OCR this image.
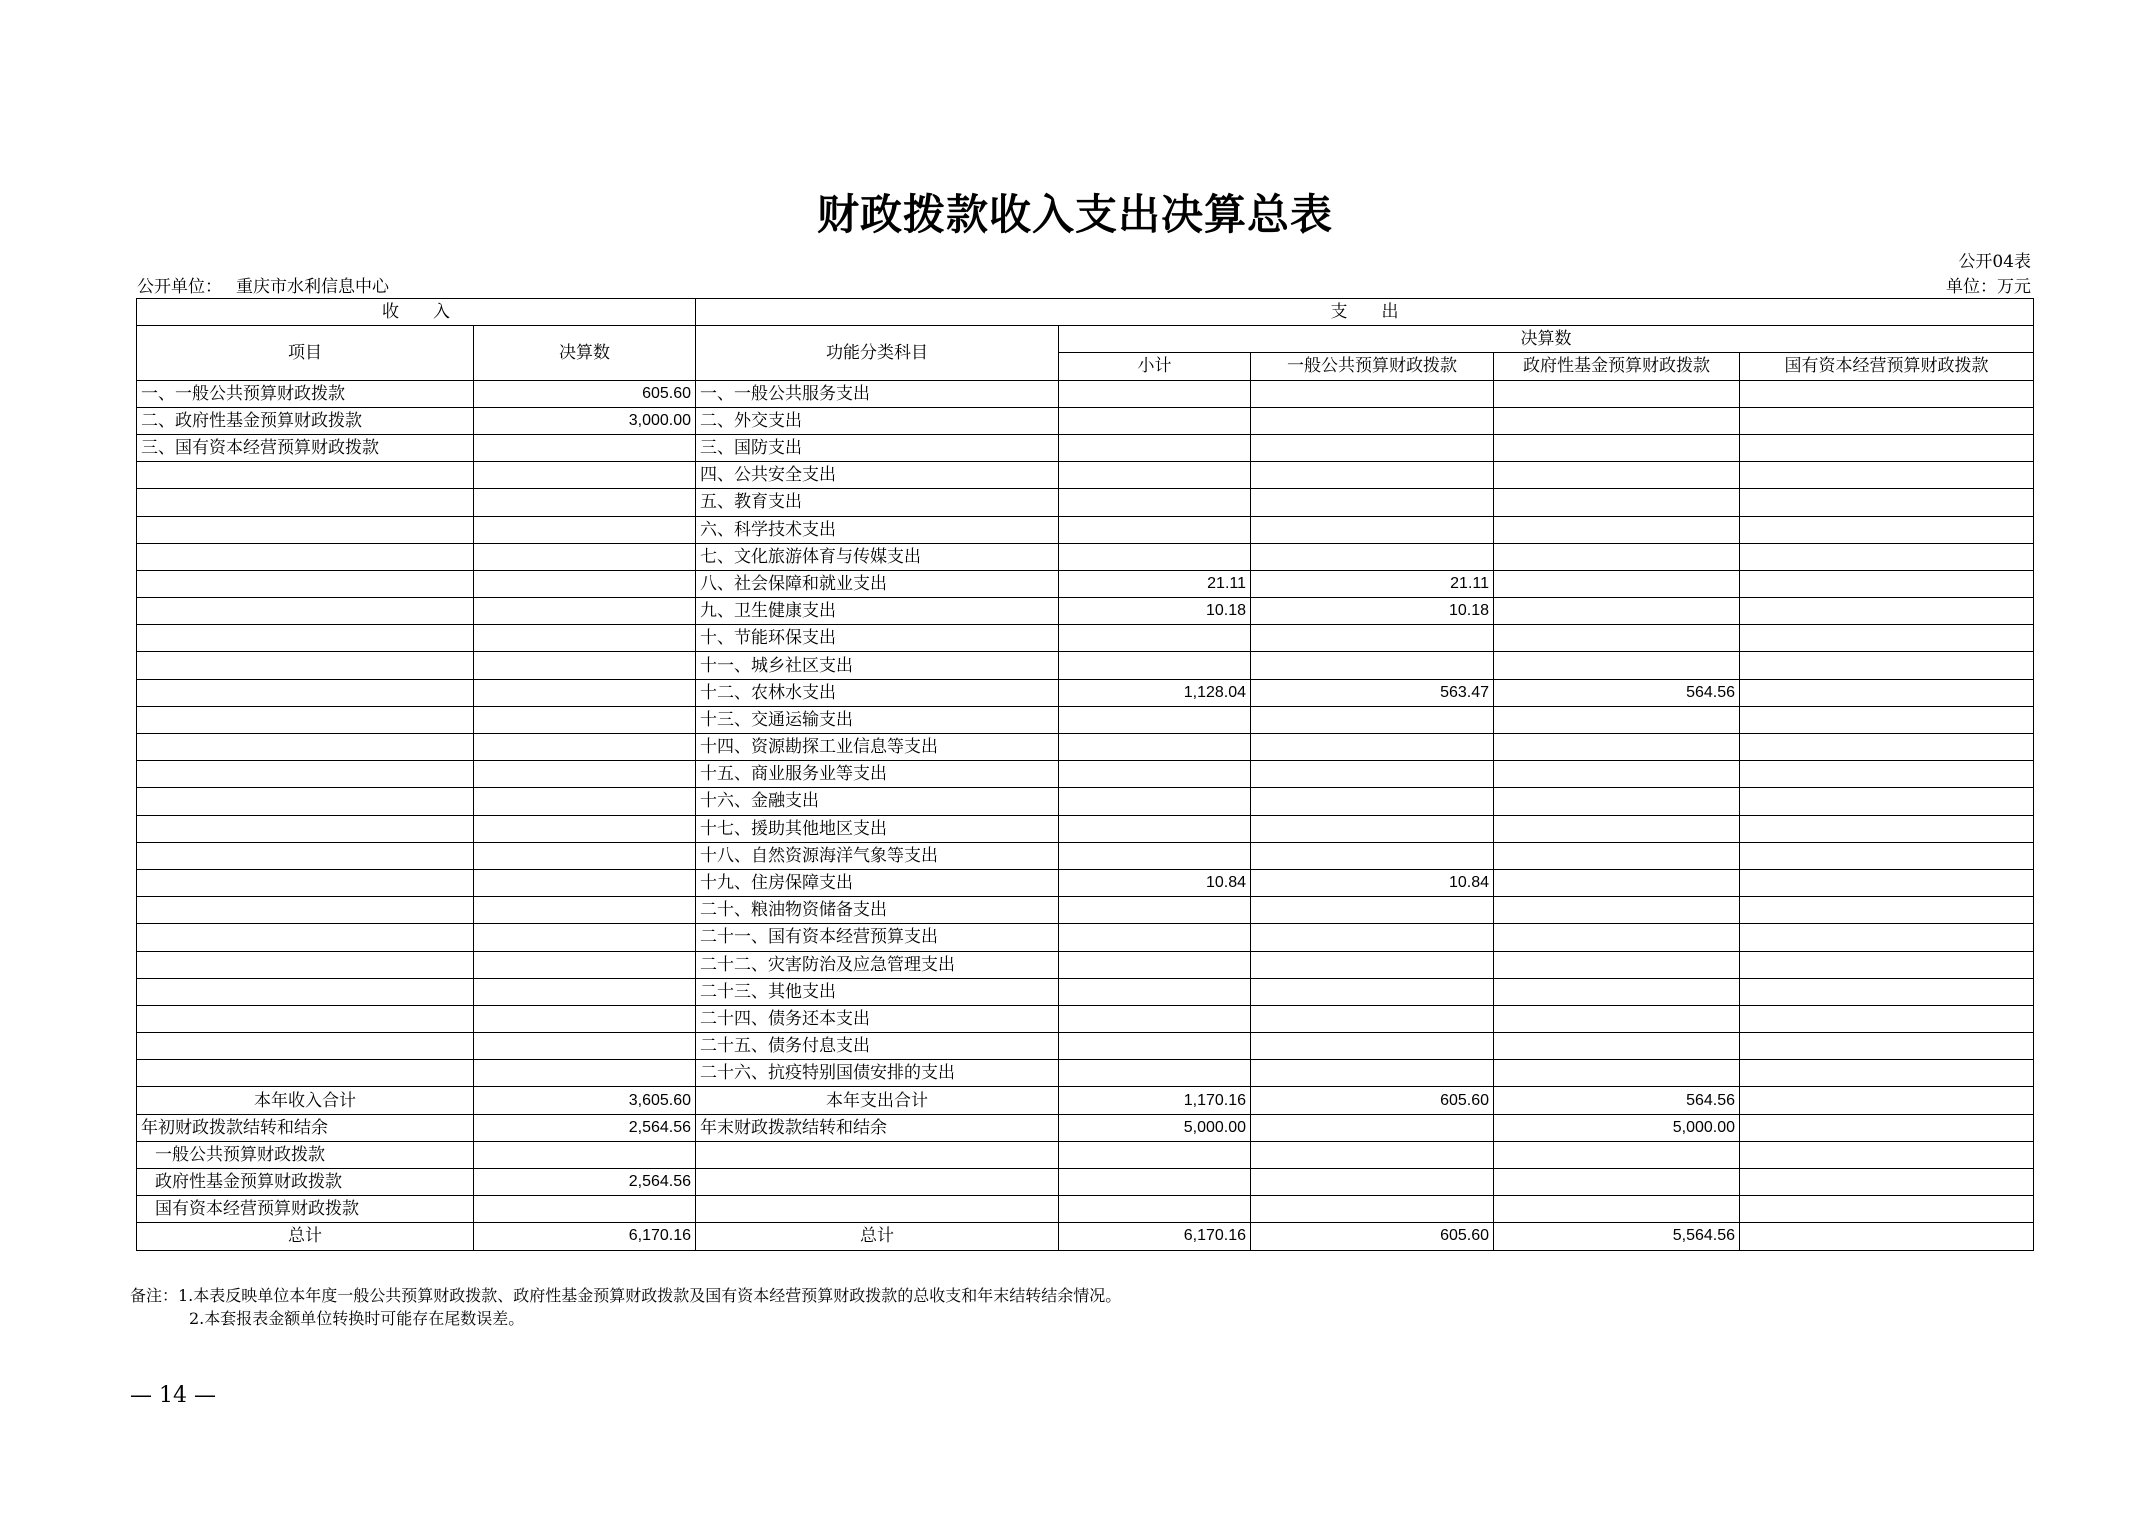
财政拨款收入支出决算总表
公开04表
公开单位： 重庆市水利信息中心	单位：万元
收　　入		支　　出				
项目	决算数	功能分类科目	决算数			
			小计	一般公共预算财政拨款	政府性基金预算财政拨款	国有资本经营预算财政拨款
一、一般公共预算财政拨款	605.60	一、一般公共服务支出				
二、政府性基金预算财政拨款	3,000.00	二、外交支出				
三、国有资本经营预算财政拨款		三、国防支出				
		四、公共安全支出				
		五、教育支出				
		六、科学技术支出				
		七、文化旅游体育与传媒支出				
		八、社会保障和就业支出	21.11	21.11		
		九、卫生健康支出	10.18	10.18		
		十、节能环保支出				
		十一、城乡社区支出				
		十二、农林水支出	1,128.04	563.47	564.56	
		十三、交通运输支出				
		十四、资源勘探工业信息等支出				
		十五、商业服务业等支出				
		十六、金融支出				
		十七、援助其他地区支出				
		十八、自然资源海洋气象等支出				
		十九、住房保障支出	10.84	10.84		
		二十、粮油物资储备支出				
		二十一、国有资本经营预算支出				
		二十二、灾害防治及应急管理支出				
		二十三、其他支出				
		二十四、债务还本支出				
		二十五、债务付息支出				
		二十六、抗疫特别国债安排的支出				
本年收入合计	3,605.60	本年支出合计	1,170.16	605.60	564.56	
年初财政拨款结转和结余	2,564.56	年末财政拨款结转和结余	5,000.00		5,000.00	
一般公共预算财政拨款						
政府性基金预算财政拨款	2,564.56					
国有资本经营预算财政拨款						
总计	6,170.16	总计	6,170.16	605.60	5,564.56	
备注：1.本表反映单位本年度一般公共预算财政拨款、政府性基金预算财政拨款及国有资本经营预算财政拨款的总收支和年末结转结余情况。
2.本套报表金额单位转换时可能存在尾数误差。
— 14 —
